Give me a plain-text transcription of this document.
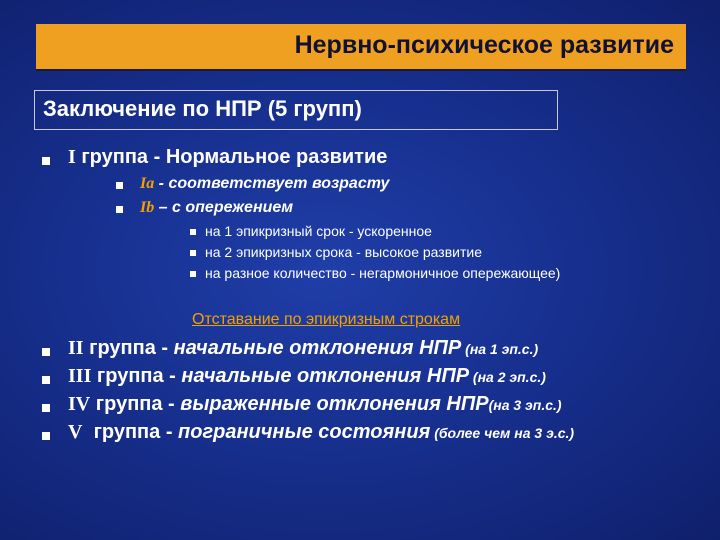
Нервно-психическое развитие
Заключение по НПР (5 групп)
I группа - Нормальное развитие
Ia - соответствует возрасту
Ib – с опережением
на 1 эпикризный срок - ускоренное
на 2 эпикризных срока - высокое развитие
на разное количество - негармоничное опережающее)
Отставание по эпикризным строкам
II группа - начальные отклонения НПР (на 1 эп.с.)
III группа - начальные отклонения НПР (на 2 эп.с.)
IV группа - выраженные отклонения НПР(на 3 эп.с.)
V  группа - пограничные состояния (более чем на 3 э.с.)
